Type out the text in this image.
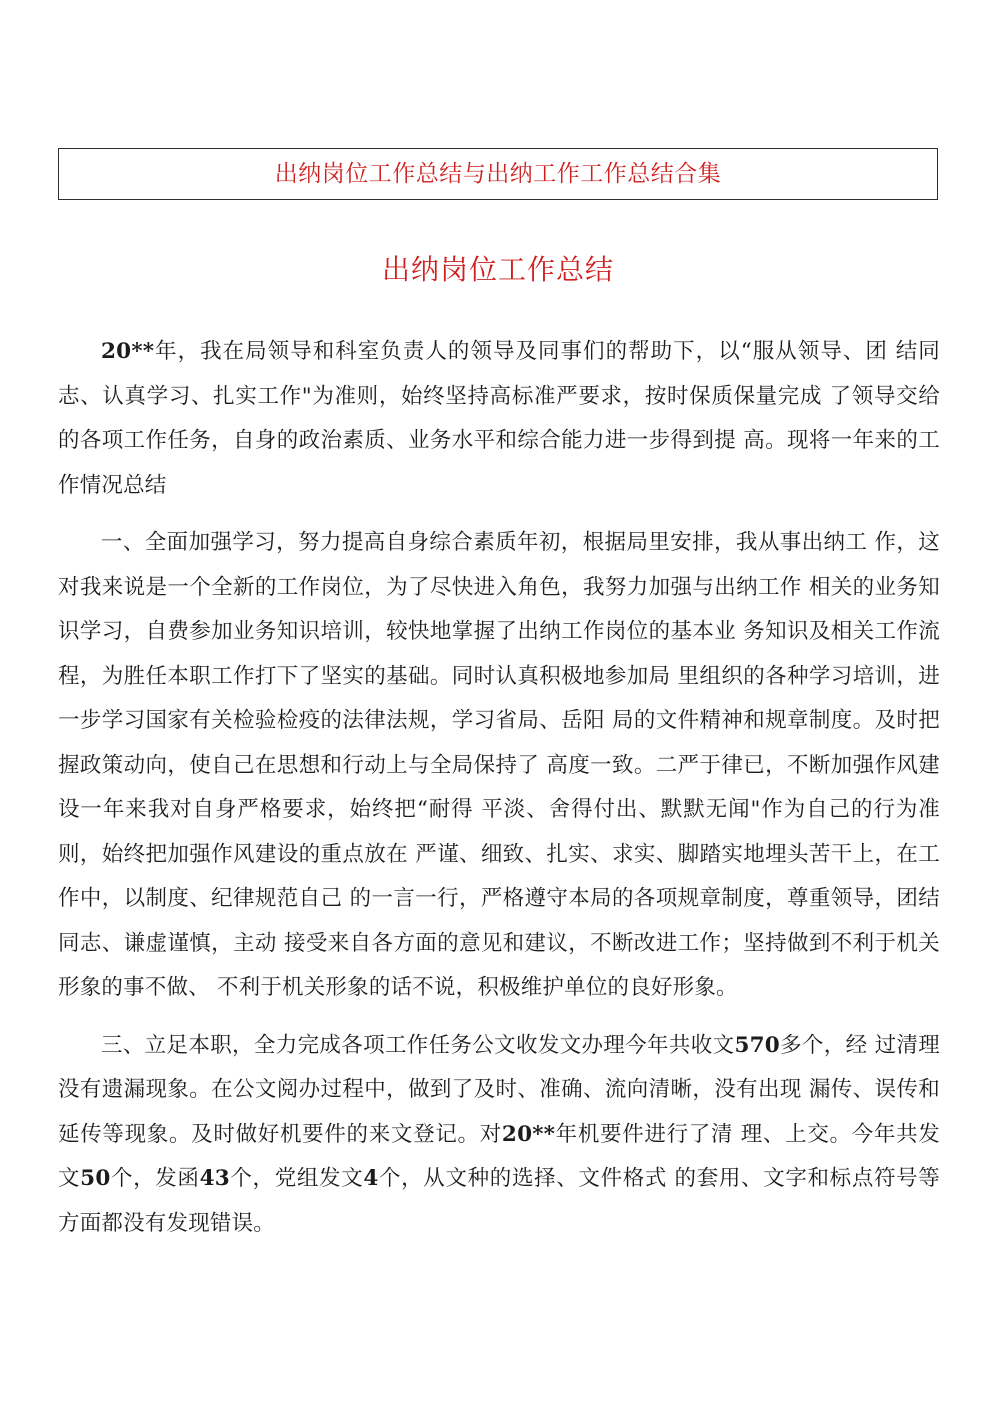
出纳岗位工作总结与出纳工作工作总结合集
出纳岗位工作总结

20**年，我在局领导和科室负责人的领导及同事们的帮助下，以“服从领导、团 结同志、认真学习、扎实工作"为准则，始终坚持高标准严要求，按时保质保量完成 了领导交给的各项工作任务，自身的政治素质、业务水平和综合能力进一步得到提 高。现将一年来的工作情况总结

一、全面加强学习，努力提高自身综合素质年初，根据局里安排，我从事出纳工 作，这对我来说是一个全新的工作岗位，为了尽快进入角色，我努力加强与出纳工作 相关的业务知识学习，自费参加业务知识培训，较快地掌握了出纳工作岗位的基本业 务知识及相关工作流程，为胜任本职工作打下了坚实的基础。同时认真积极地参加局 里组织的各种学习培训，进一步学习国家有关检验检疫的法律法规，学习省局、岳阳 局的文件精神和规章制度。及时把握政策动向，使自己在思想和行动上与全局保持了 高度一致。二严于律已，不断加强作风建设一年来我对自身严格要求，始终把“耐得 平淡、舍得付出、默默无闻"作为自己的行为准则，始终把加强作风建设的重点放在 严谨、细致、扎实、求实、脚踏实地埋头苦干上，在工作中，以制度、纪律规范自己 的一言一行，严格遵守本局的各项规章制度，尊重领导，团结同志、谦虚谨慎，主动 接受来自各方面的意见和建议，不断改进工作；坚持做到不利于机关形象的事不做、 不利于机关形象的话不说，积极维护单位的良好形象。

三、立足本职，全力完成各项工作任务公文收发文办理今年共收文570多个，经 过清理没有遗漏现象。在公文阅办过程中，做到了及时、准确、流向清晰，没有出现 漏传、误传和延传等现象。及时做好机要件的来文登记。对20**年机要件进行了清 理、上交。今年共发文50个，发函43个，党组发文4个，从文种的选择、文件格式 的套用、文字和标点符号等方面都没有发现错误。
